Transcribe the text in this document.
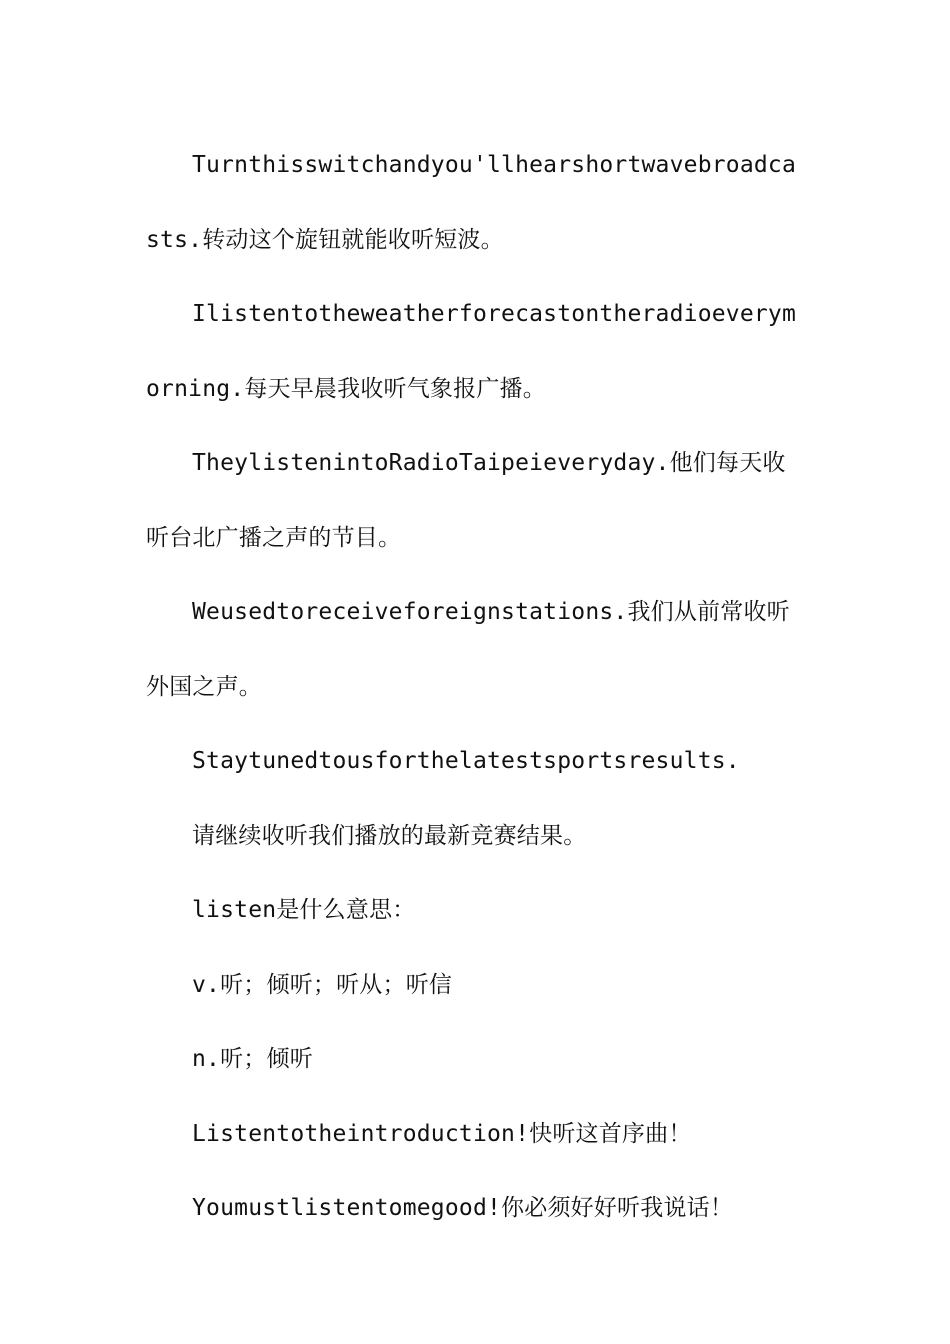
Turnthisswitchandyou'llhearshortwavebroadcasts.转动这个旋钮就能收听短波。

Ilistentotheweatherforecastontheradioeverymorning.每天早晨我收听气象报广播。

TheylistenintoRadioTaipeieveryday.他们每天收听台北广播之声的节目。

Weusedtoreceiveforeignstations.我们从前常收听外国之声。

Staytunedtousforthelatestsportsresults.

请继续收听我们播放的最新竞赛结果。

listen是什么意思：

v.听；倾听；听从；听信

n.听；倾听

Listentotheintroduction!快听这首序曲！

Youmustlistentomegood!你必须好好听我说话！
